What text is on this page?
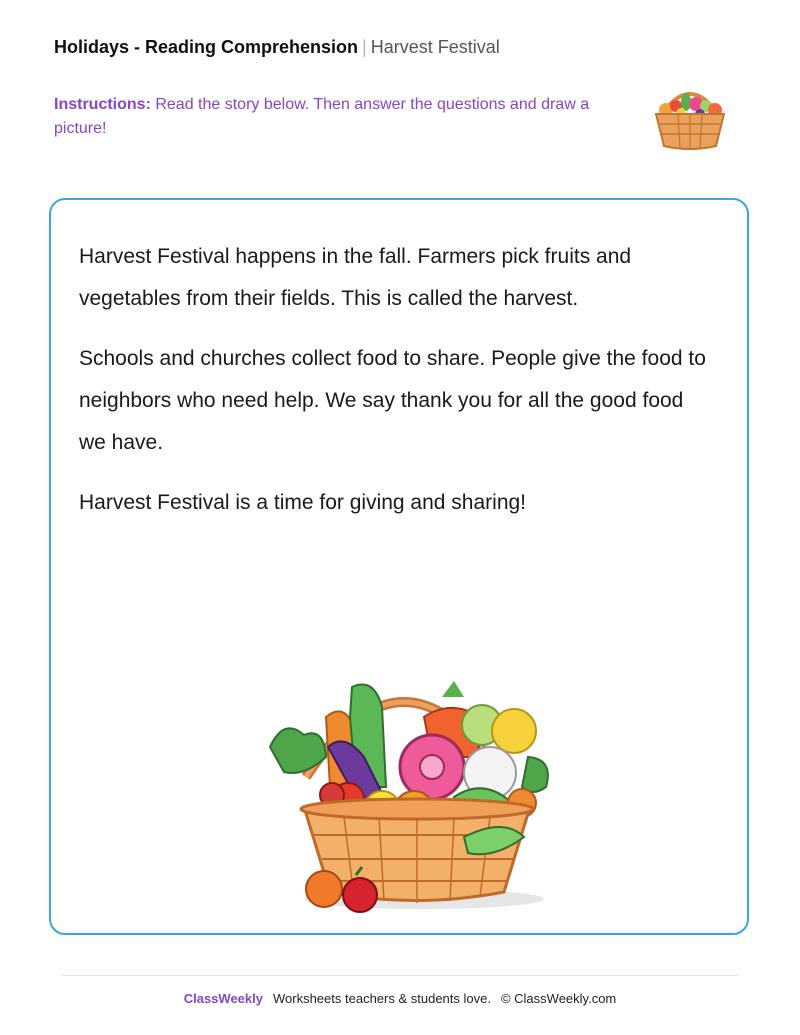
Holidays - Reading Comprehension | Harvest Festival
Instructions: Read the story below. Then answer the questions and draw a picture!

Harvest Festival happens in the fall. Farmers pick fruits and vegetables from their fields. This is called the harvest.

Schools and churches collect food to share. People give the food to neighbors who need help. We say thank you for all the good food we have.

Harvest Festival is a time for giving and sharing!

ClassWeekly Worksheets teachers & students love. © ClassWeekly.com
